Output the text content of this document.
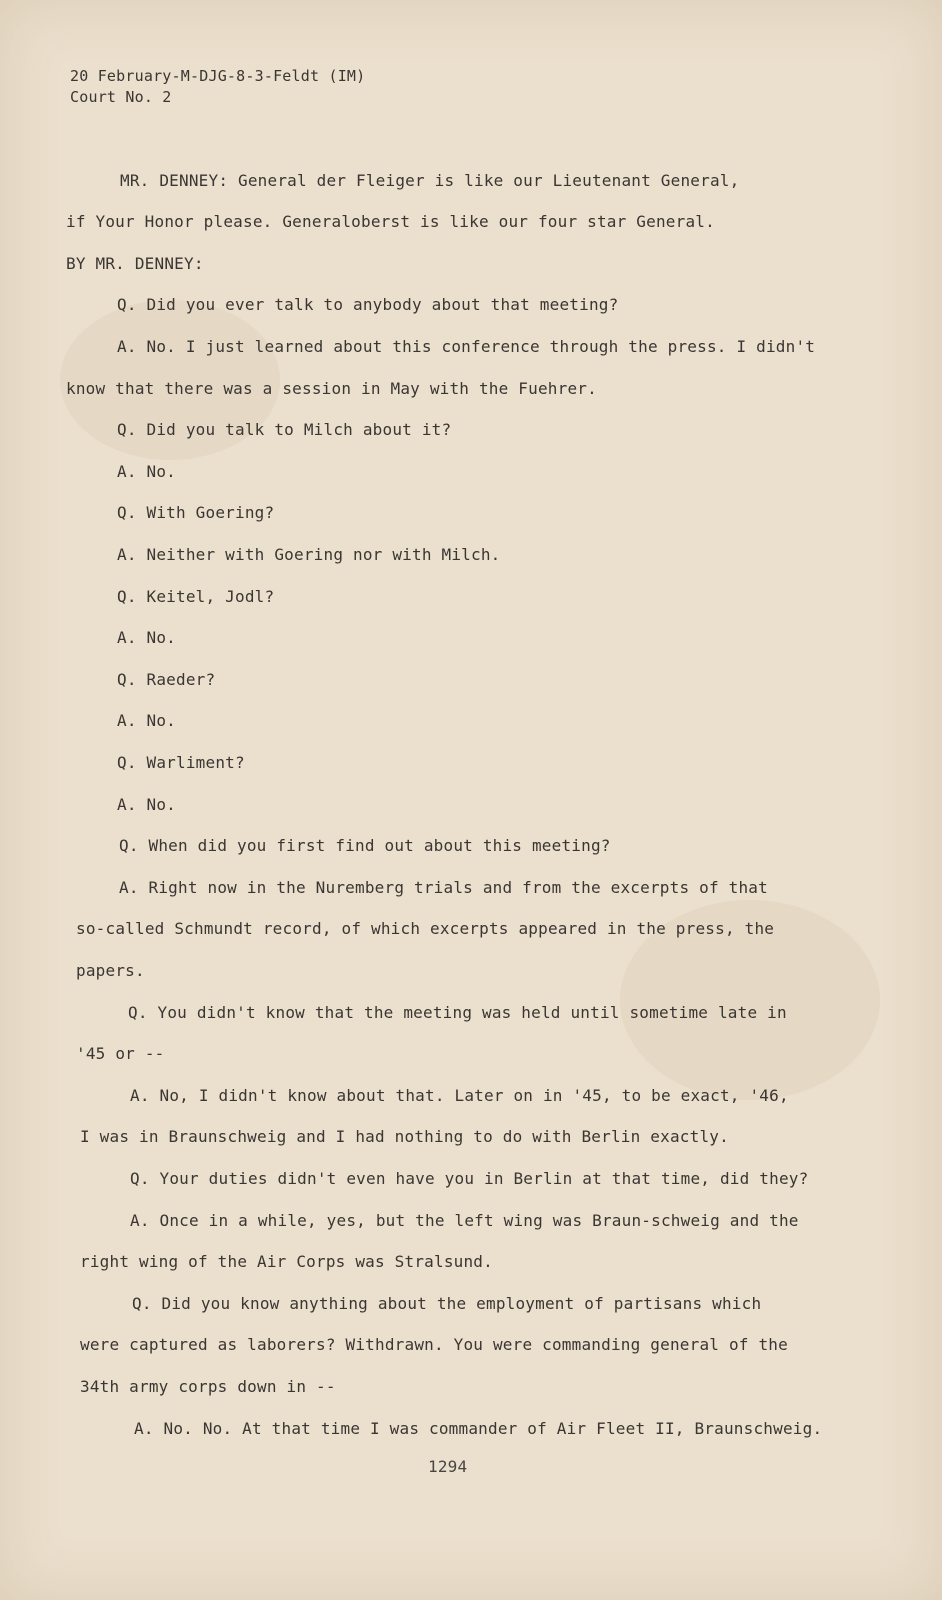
20 February-M-DJG-8-3-Feldt (IM)
Court No. 2
MR. DENNEY: General der Fleiger is like our Lieutenant General,
if Your Honor please. Generaloberst is like our four star General.
BY MR. DENNEY:
Q. Did you ever talk to anybody about that meeting?
A. No. I just learned about this conference through the press. I didn't
know that there was a session in May with the Fuehrer.
Q. Did you talk to Milch about it?
A. No.
Q. With Goering?
A. Neither with Goering nor with Milch.
Q. Keitel, Jodl?
A. No.
Q. Raeder?
A. No.
Q. Warliment?
A. No.
Q. When did you first find out about this meeting?
A. Right now in the Nuremberg trials and from the excerpts of that
so-called Schmundt record, of which excerpts appeared in the press, the
papers.
Q. You didn't know that the meeting was held until sometime late in
'45 or --
A. No, I didn't know about that. Later on in '45, to be exact, '46,
I was in Braunschweig and I had nothing to do with Berlin exactly.
Q. Your duties didn't even have you in Berlin at that time, did they?
A. Once in a while, yes, but the left wing was Braun-schweig and the
right wing of the Air Corps was Stralsund.
Q. Did you know anything about the employment of partisans which
were captured as laborers? Withdrawn. You were commanding general of the
34th army corps down in --
A. No. No. At that time I was commander of Air Fleet II, Braunschweig.
1294
